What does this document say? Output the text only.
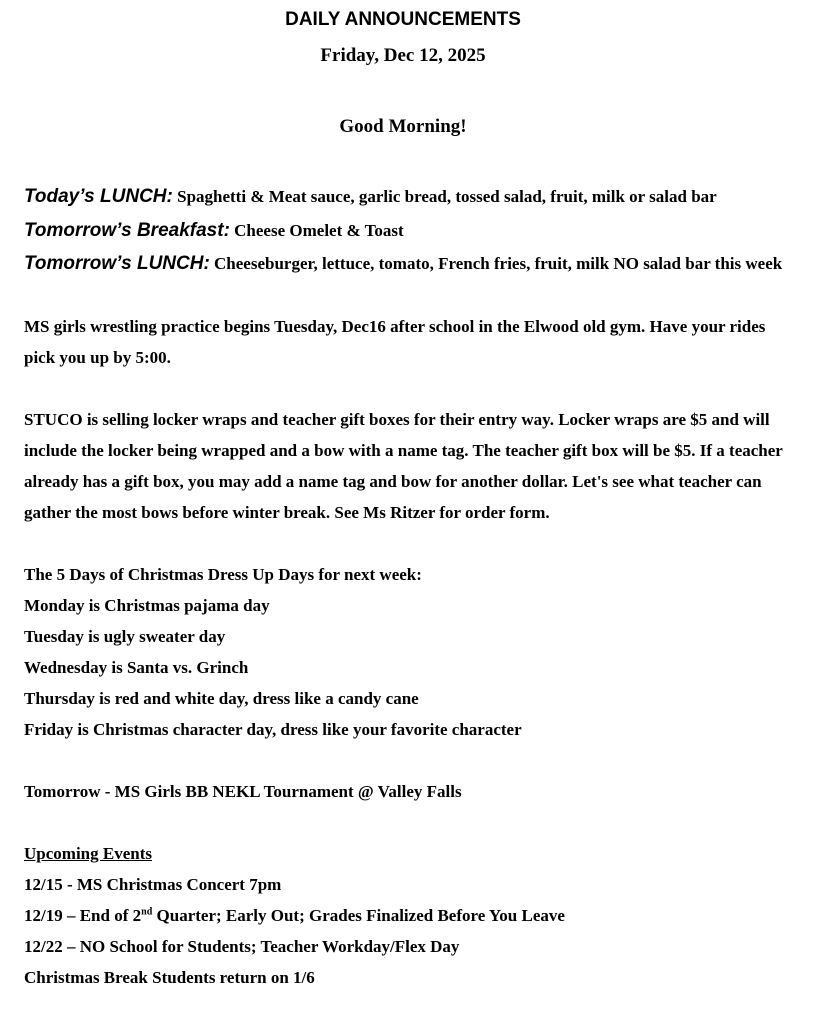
DAILY ANNOUNCEMENTS
Friday, Dec 12, 2025
Good Morning!

Today’s LUNCH: Spaghetti & Meat sauce, garlic bread, tossed salad, fruit, milk or salad bar

Tomorrow’s Breakfast: Cheese Omelet & Toast

Tomorrow’s LUNCH: Cheeseburger, lettuce, tomato, French fries, fruit, milk NO salad bar this week

MS girls wrestling practice begins Tuesday, Dec16 after school in the Elwood old gym. Have your rides pick you up by 5:00.

STUCO is selling locker wraps and teacher gift boxes for their entry way. Locker wraps are $5 and will include the locker being wrapped and a bow with a name tag. The teacher gift box will be $5. If a teacher already has a gift box, you may add a name tag and bow for another dollar. Let's see what teacher can gather the most bows before winter break. See Ms Ritzer for order form.

The 5 Days of Christmas Dress Up Days for next week:

Monday is Christmas pajama day

Tuesday is ugly sweater day

Wednesday is Santa vs. Grinch

Thursday is red and white day, dress like a candy cane

Friday is Christmas character day, dress like your favorite character

Tomorrow - MS Girls BB NEKL Tournament @ Valley Falls

Upcoming Events

12/15 - MS Christmas Concert 7pm

12/19 – End of 2nd Quarter; Early Out; Grades Finalized Before You Leave

12/22 – NO School for Students; Teacher Workday/Flex Day

Christmas Break Students return on 1/6
